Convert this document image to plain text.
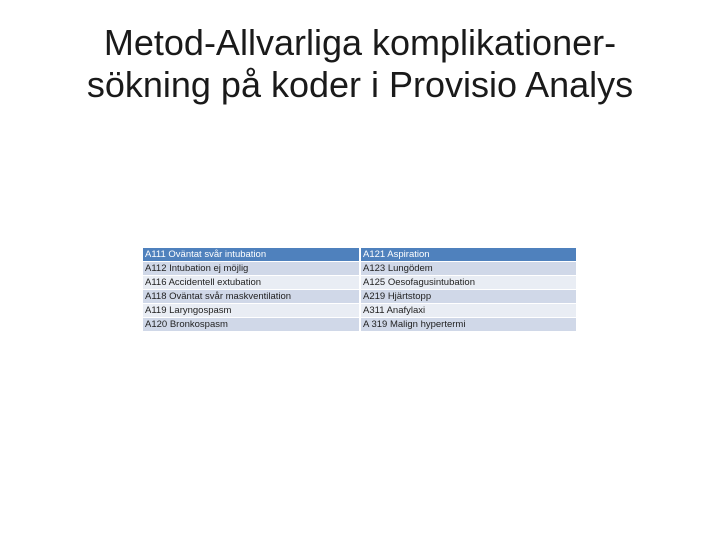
Metod-Allvarliga komplikationer-
sökning på koder i Provisio Analys
A111 Oväntat svår intubation	A121 Aspiration
A112 Intubation ej möjlig	A123 Lungödem
A116 Accidentell extubation	A125 Oesofagusintubation
A118 Oväntat svår maskventilation	A219 Hjärtstopp
A119 Laryngospasm	A311 Anafylaxi
A120 Bronkospasm	A 319 Malign hypertermi
